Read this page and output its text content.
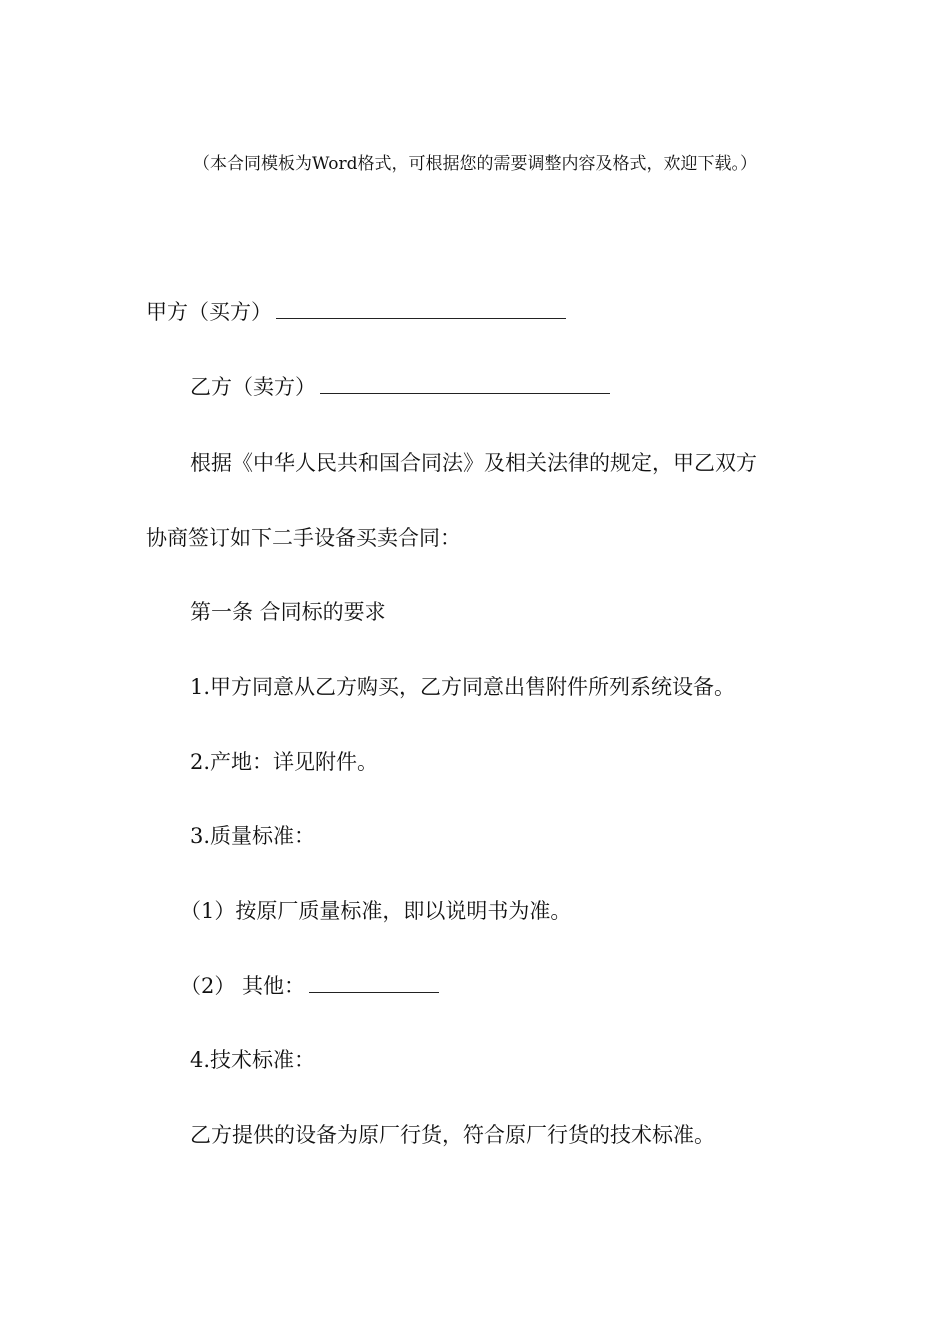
（本合同模板为Word格式，可根据您的需要调整内容及格式，欢迎下载。）
甲方（买方）
乙方（卖方）
根据《中华人民共和国合同法》及相关法律的规定，甲乙双方
协商签订如下二手设备买卖合同：
第一条 合同标的要求
1.甲方同意从乙方购买，乙方同意出售附件所列系统设备。
2.产地：详见附件。
3.质量标准：
（1）按原厂质量标准，即以说明书为准。
（2） 其他：
4.技术标准：
乙方提供的设备为原厂行货，符合原厂行货的技术标准。
